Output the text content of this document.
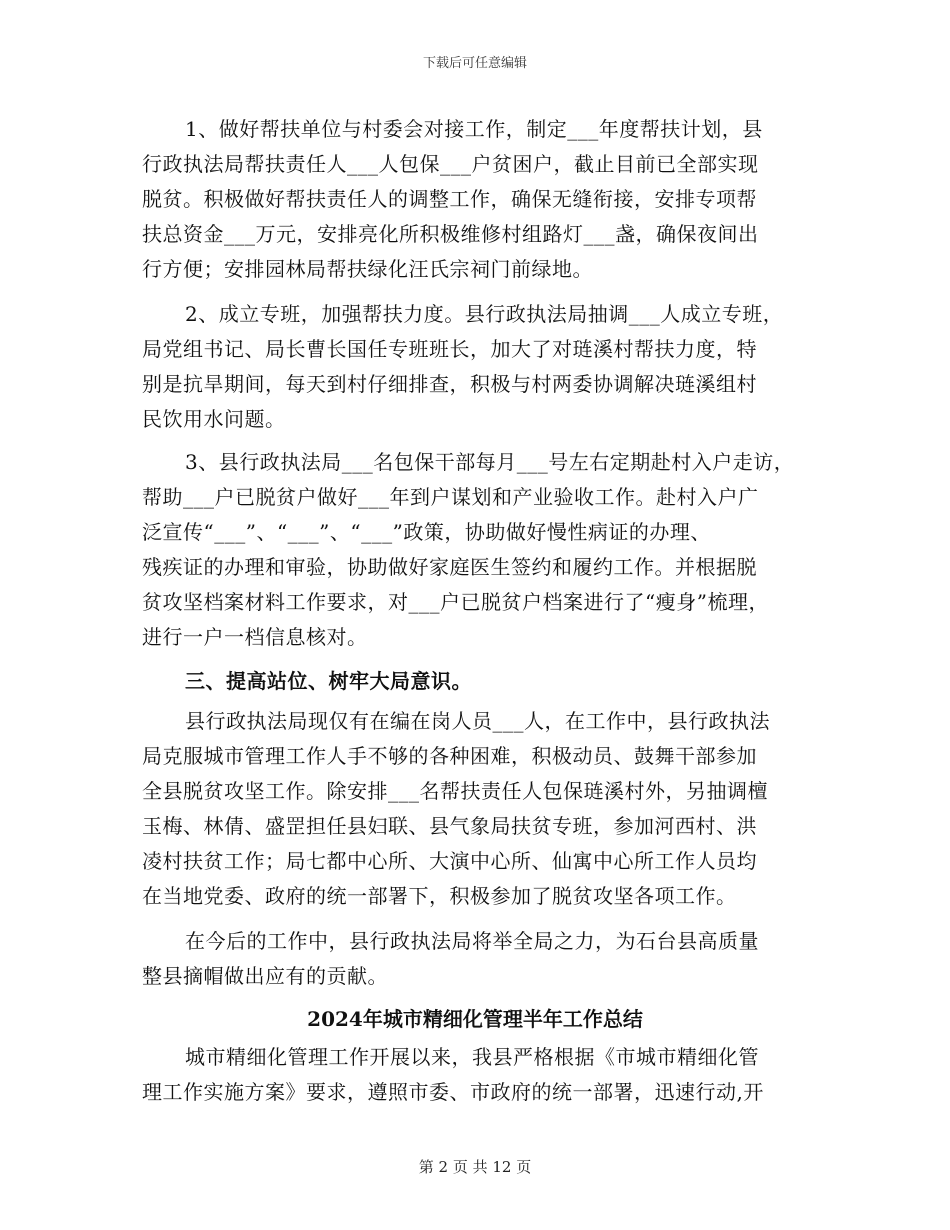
下载后可任意编辑
1、做好帮扶单位与村委会对接工作，制定___年度帮扶计划，县
行政执法局帮扶责任人___人包保___户贫困户，截止目前已全部实现
脱贫。积极做好帮扶责任人的调整工作，确保无缝衔接，安排专项帮
扶总资金___万元，安排亮化所积极维修村组路灯___盏，确保夜间出
行方便；安排园林局帮扶绿化汪氏宗祠门前绿地。
2、成立专班，加强帮扶力度。县行政执法局抽调___人成立专班，
局党组书记、局长曹长国任专班班长，加大了对琏溪村帮扶力度，特
别是抗旱期间，每天到村仔细排查，积极与村两委协调解决琏溪组村
民饮用水问题。
3、县行政执法局___名包保干部每月___号左右定期赴村入户走访，
帮助___户已脱贫户做好___年到户谋划和产业验收工作。赴村入户广
泛宣传“___”、“___”、“___”政策，协助做好慢性病证的办理、
残疾证的办理和审验，协助做好家庭医生签约和履约工作。并根据脱
贫攻坚档案材料工作要求，对___户已脱贫户档案进行了“瘦身”梳理，
进行一户一档信息核对。
三、提高站位、树牢大局意识。
县行政执法局现仅有在编在岗人员___人，在工作中，县行政执法
局克服城市管理工作人手不够的各种困难，积极动员、鼓舞干部参加
全县脱贫攻坚工作。除安排___名帮扶责任人包保琏溪村外，另抽调檀
玉梅、林倩、盛罡担任县妇联、县气象局扶贫专班，参加河西村、洪
凌村扶贫工作；局七都中心所、大演中心所、仙寓中心所工作人员均
在当地党委、政府的统一部署下，积极参加了脱贫攻坚各项工作。
在今后的工作中，县行政执法局将举全局之力，为石台县高质量
整县摘帽做出应有的贡献。
2024年城市精细化管理半年工作总结
城市精细化管理工作开展以来，我县严格根据《市城市精细化管
理工作实施方案》要求，遵照市委、市政府的统一部署，迅速行动,开
第 2 页 共 12 页
